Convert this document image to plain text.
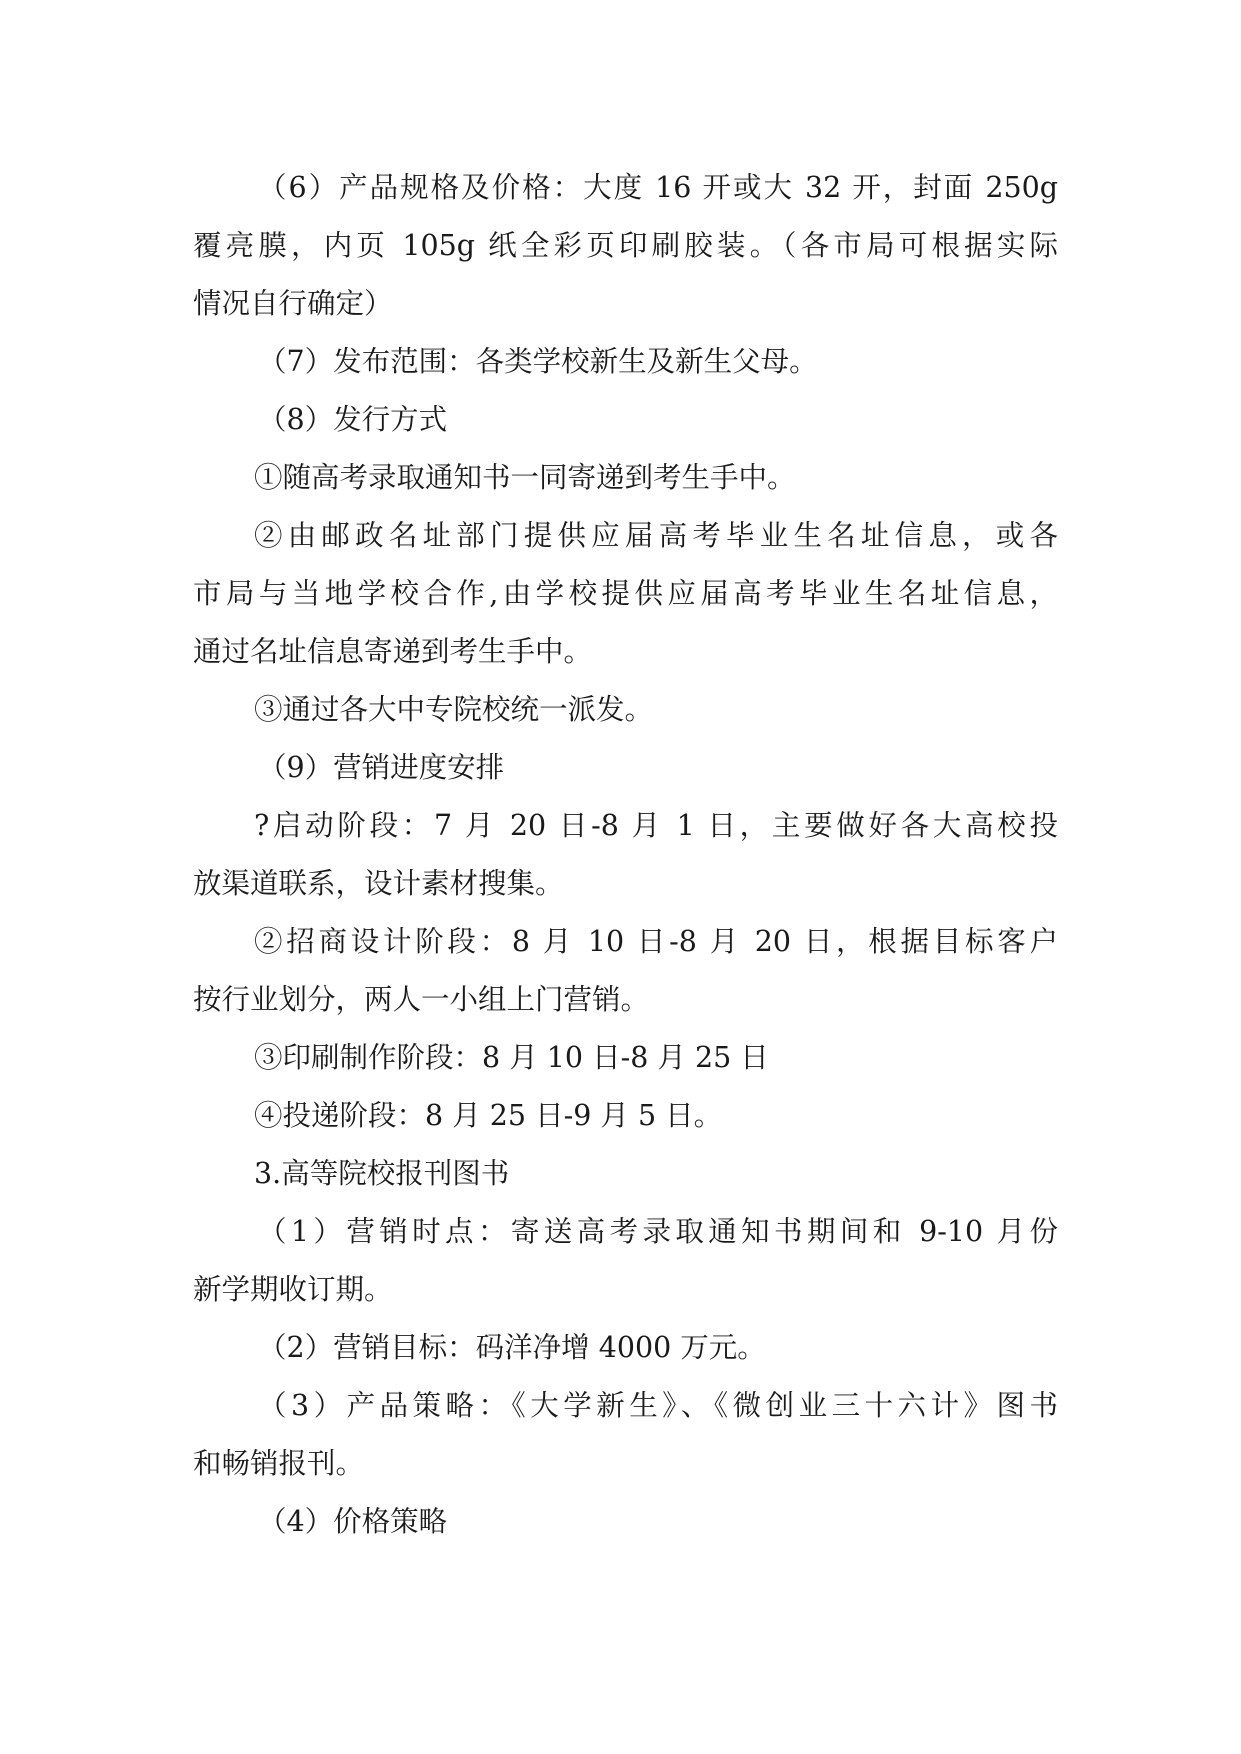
（6）产品规格及价格：大度 16 开或大 32 开，封面 250g
覆亮膜，内页 105g 纸全彩页印刷胶装。（各市局可根据实际
情况自行确定）
（7）发布范围：各类学校新生及新生父母。
（8）发行方式
①随高考录取通知书一同寄递到考生手中。
②由邮政名址部门提供应届高考毕业生名址信息，或各
市局与当地学校合作,由学校提供应届高考毕业生名址信息，
通过名址信息寄递到考生手中。
③通过各大中专院校统一派发。
（9）营销进度安排
?启动阶段：7 月 20 日-8 月 1 日，主要做好各大高校投
放渠道联系，设计素材搜集。
②招商设计阶段：8 月 10 日-8 月 20 日，根据目标客户
按行业划分，两人一小组上门营销。
③印刷制作阶段：8 月 10 日-8 月 25 日
④投递阶段：8 月 25 日-9 月 5 日。
3.高等院校报刊图书
（1）营销时点：寄送高考录取通知书期间和 9-10 月份
新学期收订期。
（2）营销目标：码洋净增 4000 万元。
（3）产品策略：《大学新生》、《微创业三十六计》图书
和畅销报刊。
（4）价格策略
